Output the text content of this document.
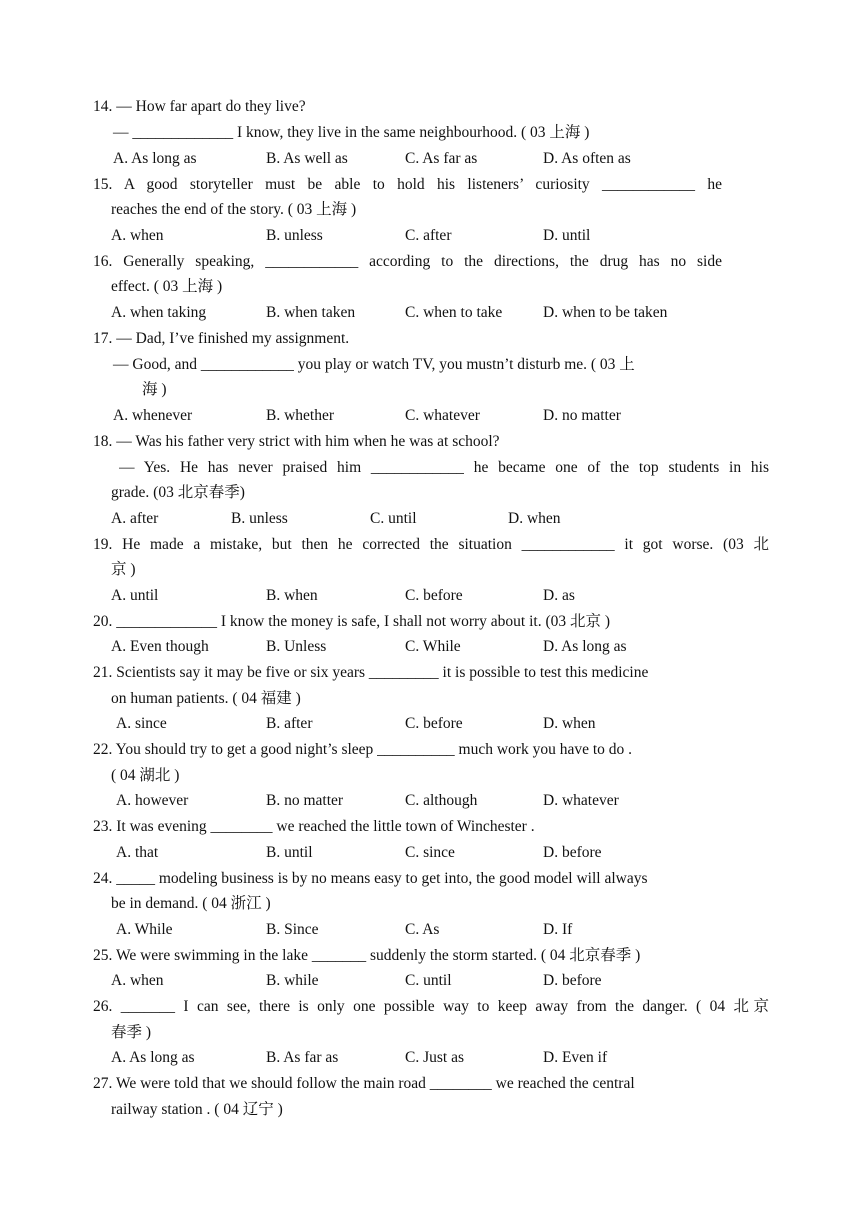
14. — How far apart do they live?
— _____________ I know, they live in the same neighbourhood. ( 03 上海 )
A. As long as	B. As well as	C. As far as	D. As often as
15. A good storyteller must be able to hold his listeners’ curiosity ____________ he
reaches the end of the story. ( 03 上海 )
A. when	B. unless	C. after	D. until
16. Generally speaking, ____________ according to the directions, the drug has no side
effect. ( 03 上海 )
A. when taking	B. when taken	C. when to take	D. when to be taken
17. — Dad, I’ve finished my assignment.
— Good, and ____________ you play or watch TV, you mustn’t disturb me. ( 03 上
海 )
A. whenever	B. whether	C. whatever	D. no matter
18. — Was his father very strict with him when he was at school?
— Yes. He has never praised him ____________ he became one of the top students in his
grade. (03 北京春季)
A. after	B. unless	C. until	D. when
19. He made a mistake, but then he corrected the situation ____________ it got worse. (03 北
京 )
A. until	B. when	C. before	D. as
20. _____________ I know the money is safe, I shall not worry about it. (03 北京 )
A. Even though	B. Unless	C. While	D. As long as
21. Scientists say it may be five or six years _________ it is possible to test this medicine
on human patients. ( 04 福建 )
A. since	B. after	C. before	D. when
22. You should try to get a good night’s sleep __________ much work you have to do .
( 04 湖北 )
A. however	B. no matter	C. although	D. whatever
23. It was evening ________ we reached the little town of Winchester .
A. that	B. until	C. since	D. before
24. _____ modeling business is by no means easy to get into, the good model will always
be in demand. ( 04 浙江 )
A. While	B. Since	C. As	D. If
25. We were swimming in the lake _______ suddenly the storm started. ( 04 北京春季 )
A. when	B. while	C. until	D. before
26. _______ I can see, there is only one possible way to keep away from the danger. ( 04 北京
春季 )
A. As long as	B. As far as	C. Just as	D. Even if
27. We were told that we should follow the main road ________ we reached the central
railway station . ( 04 辽宁 )
